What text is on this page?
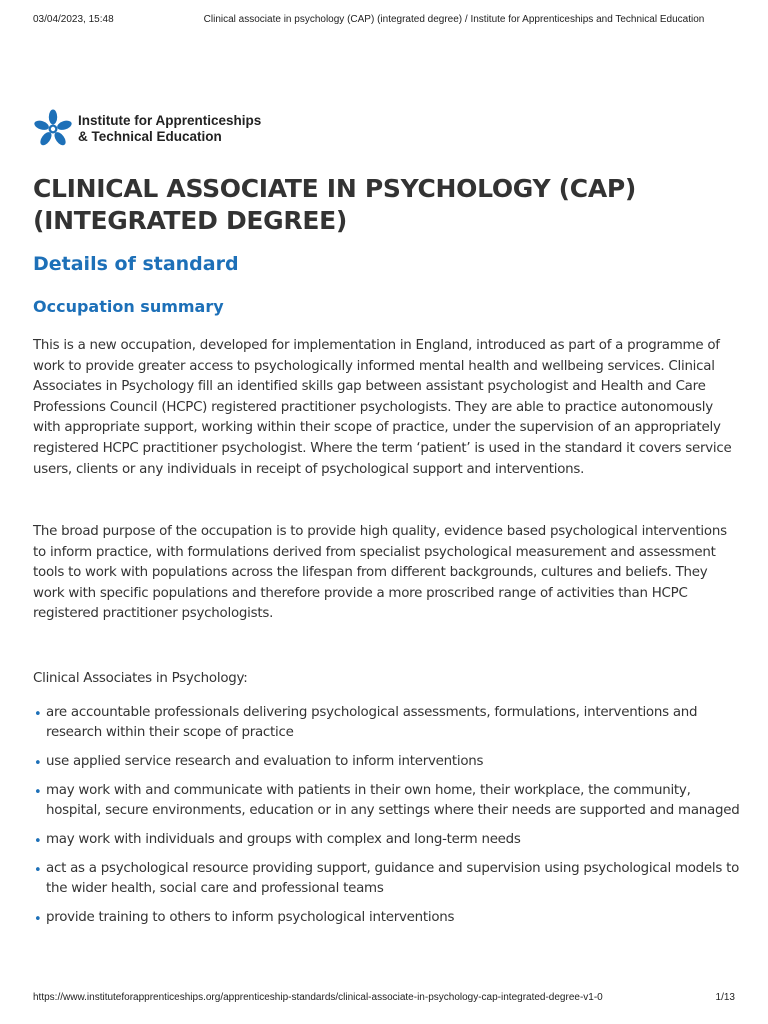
03/04/2023, 15:48	Clinical associate in psychology (CAP) (integrated degree) / Institute for Apprenticeships and Technical Education
Institute for Apprenticeships
& Technical Education
CLINICAL ASSOCIATE IN PSYCHOLOGY (CAP) (INTEGRATED DEGREE)
Details of standard
Occupation summary

This is a new occupation, developed for implementation in England, introduced as part of a programme of work to provide greater access to psychologically informed mental health and wellbeing services. Clinical Associates in Psychology fill an identified skills gap between assistant psychologist and Health and Care Professions Council (HCPC) registered practitioner psychologists. They are able to practice autonomously with appropriate support, working within their scope of practice, under the supervision of an appropriately registered HCPC practitioner psychologist. Where the term ‘patient’ is used in the standard it covers service users, clients or any individuals in receipt of psychological support and interventions.

The broad purpose of the occupation is to provide high quality, evidence based psychological interventions to inform practice, with formulations derived from specialist psychological measurement and assessment tools to work with populations across the lifespan from different backgrounds, cultures and beliefs. They work with specific populations and therefore provide a more proscribed range of activities than HCPC registered practitioner psychologists.

Clinical Associates in Psychology:

• are accountable professionals delivering psychological assessments, formulations, interventions and research within their scope of practice
• use applied service research and evaluation to inform interventions
• may work with and communicate with patients in their own home, their workplace, the community, hospital, secure environments, education or in any settings where their needs are supported and managed
• may work with individuals and groups with complex and long-term needs
• act as a psychological resource providing support, guidance and supervision using psychological models to the wider health, social care and professional teams
• provide training to others to inform psychological interventions
https://www.instituteforapprenticeships.org/apprenticeship-standards/clinical-associate-in-psychology-cap-integrated-degree-v1-0	1/13
